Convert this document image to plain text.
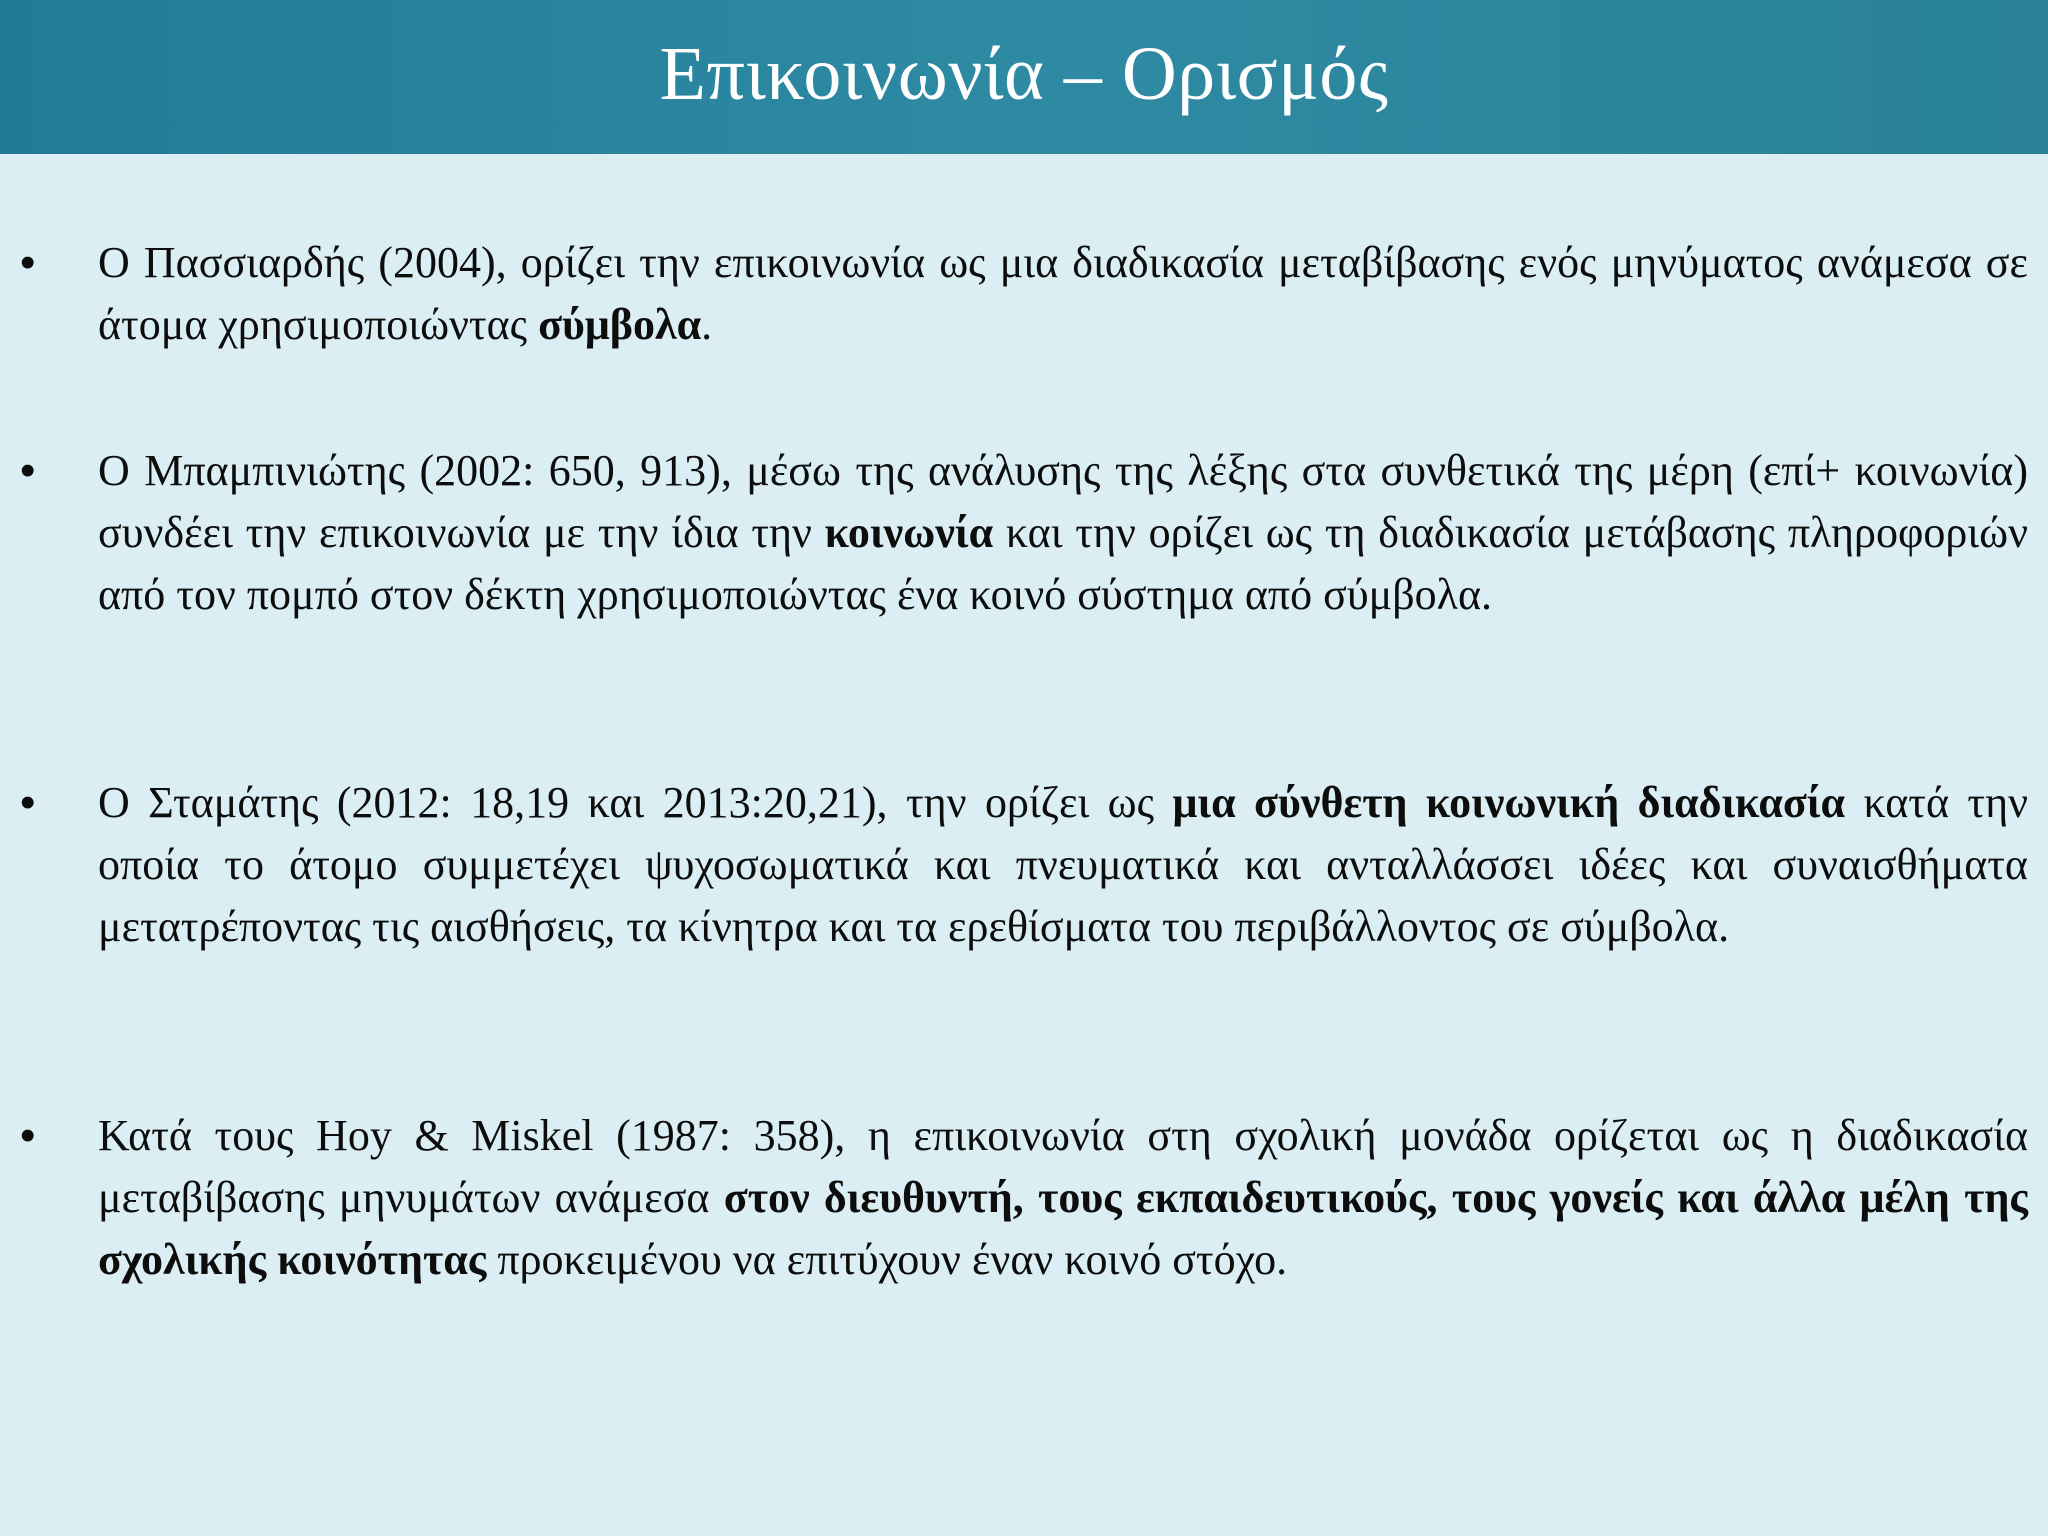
Επικοινωνία – Ορισμός
• Ο Πασσιαρδής (2004), ορίζει την επικοινωνία ως μια διαδικασία μεταβίβασης ενός μηνύματος ανάμεσα σε άτομα χρησιμοποιώντας σύμβολα.

• Ο Μπαμπινιώτης (2002: 650, 913), μέσω της ανάλυσης της λέξης στα συνθετικά της μέρη (επί+ κοινωνία) συνδέει την επικοινωνία με την ίδια την κοινωνία και την ορίζει ως τη διαδικασία μετάβασης πληροφοριών από τον πομπό στον δέκτη χρησιμοποιώντας ένα κοινό σύστημα από σύμβολα.

• Ο Σταμάτης (2012: 18,19 και 2013:20,21), την ορίζει ως μια σύνθετη κοινωνική διαδικασία κατά την οποία το άτομο συμμετέχει ψυχοσωματικά και πνευματικά και ανταλλάσσει ιδέες και συναισθήματα μετατρέποντας τις αισθήσεις, τα κίνητρα και τα ερεθίσματα του περιβάλλοντος σε σύμβολα.

• Κατά τους Hoy & Miskel (1987: 358), η επικοινωνία στη σχολική μονάδα ορίζεται ως η διαδικασία μεταβίβασης μηνυμάτων ανάμεσα στον διευθυντή, τους εκπαιδευτικούς, τους γονείς και άλλα μέλη της σχολικής κοινότητας προκειμένου να επιτύχουν έναν κοινό στόχο.
